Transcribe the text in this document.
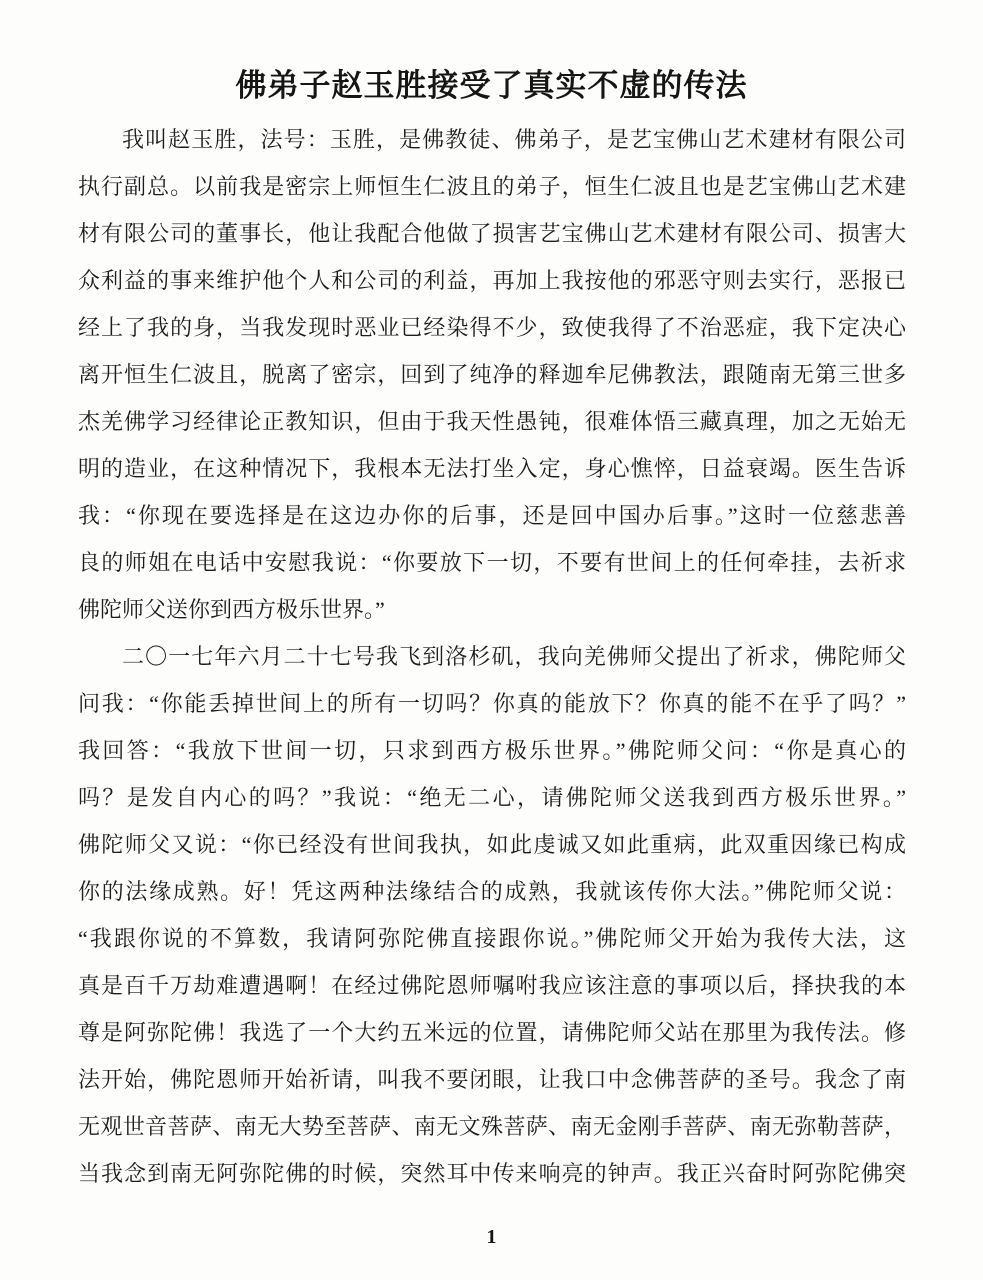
佛弟子赵玉胜接受了真实不虚的传法
我叫赵玉胜，法号：玉胜，是佛教徒、佛弟子，是艺宝佛山艺术建材有限公司
执行副总。以前我是密宗上师恒生仁波且的弟子，恒生仁波且也是艺宝佛山艺术建
材有限公司的董事长，他让我配合他做了损害艺宝佛山艺术建材有限公司、损害大
众利益的事来维护他个人和公司的利益，再加上我按他的邪恶守则去实行，恶报已
经上了我的身，当我发现时恶业已经染得不少，致使我得了不治恶症，我下定决心
离开恒生仁波且，脱离了密宗，回到了纯净的释迦牟尼佛教法，跟随南无第三世多
杰羌佛学习经律论正教知识，但由于我天性愚钝，很难体悟三藏真理，加之无始无
明的造业，在这种情况下，我根本无法打坐入定，身心憔悴，日益衰竭。医生告诉
我：“你现在要选择是在这边办你的后事，还是回中国办后事。”这时一位慈悲善
良的师姐在电话中安慰我说：“你要放下一切，不要有世间上的任何牵挂，去祈求
佛陀师父送你到西方极乐世界。”
二〇一七年六月二十七号我飞到洛杉矶，我向羌佛师父提出了祈求，佛陀师父
问我：“你能丢掉世间上的所有一切吗？你真的能放下？你真的能不在乎了吗？”
我回答：“我放下世间一切，只求到西方极乐世界。”佛陀师父问：“你是真心的
吗？是发自内心的吗？”我说：“绝无二心，请佛陀师父送我到西方极乐世界。”
佛陀师父又说：“你已经没有世间我执，如此虔诚又如此重病，此双重因缘已构成
你的法缘成熟。好！凭这两种法缘结合的成熟，我就该传你大法。”佛陀师父说：
“我跟你说的不算数，我请阿弥陀佛直接跟你说。”佛陀师父开始为我传大法，这
真是百千万劫难遭遇啊！在经过佛陀恩师嘱咐我应该注意的事项以后，择抉我的本
尊是阿弥陀佛！我选了一个大约五米远的位置，请佛陀师父站在那里为我传法。修
法开始，佛陀恩师开始祈请，叫我不要闭眼，让我口中念佛菩萨的圣号。我念了南
无观世音菩萨、南无大势至菩萨、南无文殊菩萨、南无金刚手菩萨、南无弥勒菩萨，
当我念到南无阿弥陀佛的时候，突然耳中传来响亮的钟声。我正兴奋时阿弥陀佛突
1
